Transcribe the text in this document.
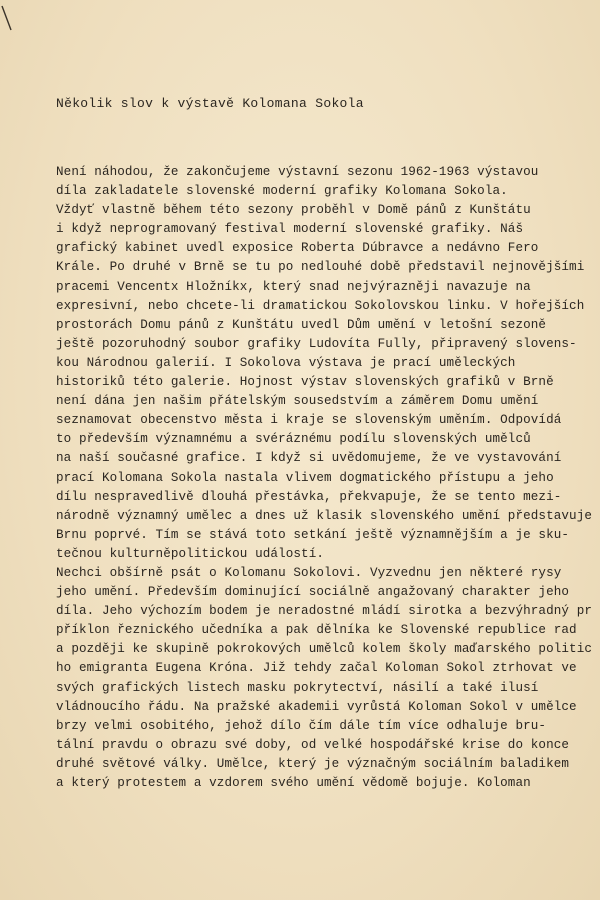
Několik slov k výstavě Kolomana Sokola
Není náhodou, že zakončujeme výstavní sezonu 1962-1963 výstavou
díla zakladatele slovenské moderní grafiky Kolomana Sokola.
Vždyť vlastně během této sezony proběhl v Domě pánů z Kunštátu
i když neprogramovaný festival moderní slovenské grafiky. Náš
grafický kabinet uvedl exposice Roberta Dúbravce a nedávno Fero
Krále. Po druhé v Brně se tu po nedlouhé době představil nejnovějšími
pracemi Vencentx Hložníkx, který snad nejvýrazněji navazuje na
expresivní, nebo chcete-li dramatickou Sokolovskou linku. V hořejších
prostorách Domu pánů z Kunštátu uvedl Dům umění v letošní sezoně
ještě pozoruhodný soubor grafiky Ludovíta Fully, připravený slovens-
kou Národnou galerií. I Sokolova výstava je prací uměleckých
historiků této galerie. Hojnost výstav slovenských grafiků v Brně
není dána jen našim přátelským sousedstvím a záměrem Domu umění
seznamovat obecenstvo města i kraje se slovenským uměním. Odpovídá
to především významnému a svéráznému podílu slovenských umělců
na naší současné grafice. I když si uvědomujeme, že ve vystavování
prací Kolomana Sokola nastala vlivem dogmatického přístupu a jeho
dílu nespravedlivě dlouhá přestávka, překvapuje, že se tento mezi-
národně významný umělec a dnes už klasik slovenského umění představuje
Brnu poprvé. Tím se stává toto setkání ještě významnějším a je sku-
tečnou kulturněpolitickou událostí.
Nechci obšírně psát o Kolomanu Sokolovi. Vyzvednu jen některé rysy
jeho umění. Především dominující sociálně angažovaný charakter jeho
díla. Jeho výchozím bodem je neradostné mládí sirotka a bezvýhradný pr
příklon řeznického učedníka a pak dělníka ke Slovenské republice rad
a později ke skupině pokrokových umělců kolem školy maďarského politic
ho emigranta Eugena Króna. Již tehdy začal Koloman Sokol ztrhovat ve
svých grafických listech masku pokrytectví, násilí a také ilusí
vládnoucího řádu. Na pražské akademii vyrůstá Koloman Sokol v umělce
brzy velmi osobitého, jehož dílo čím dále tím více odhaluje bru-
tální pravdu o obrazu své doby, od velké hospodářské krise do konce
druhé světové války. Umělce, který je význačným sociálním baladikem
a který protestem a vzdorem svého umění vědomě bojuje. Koloman
